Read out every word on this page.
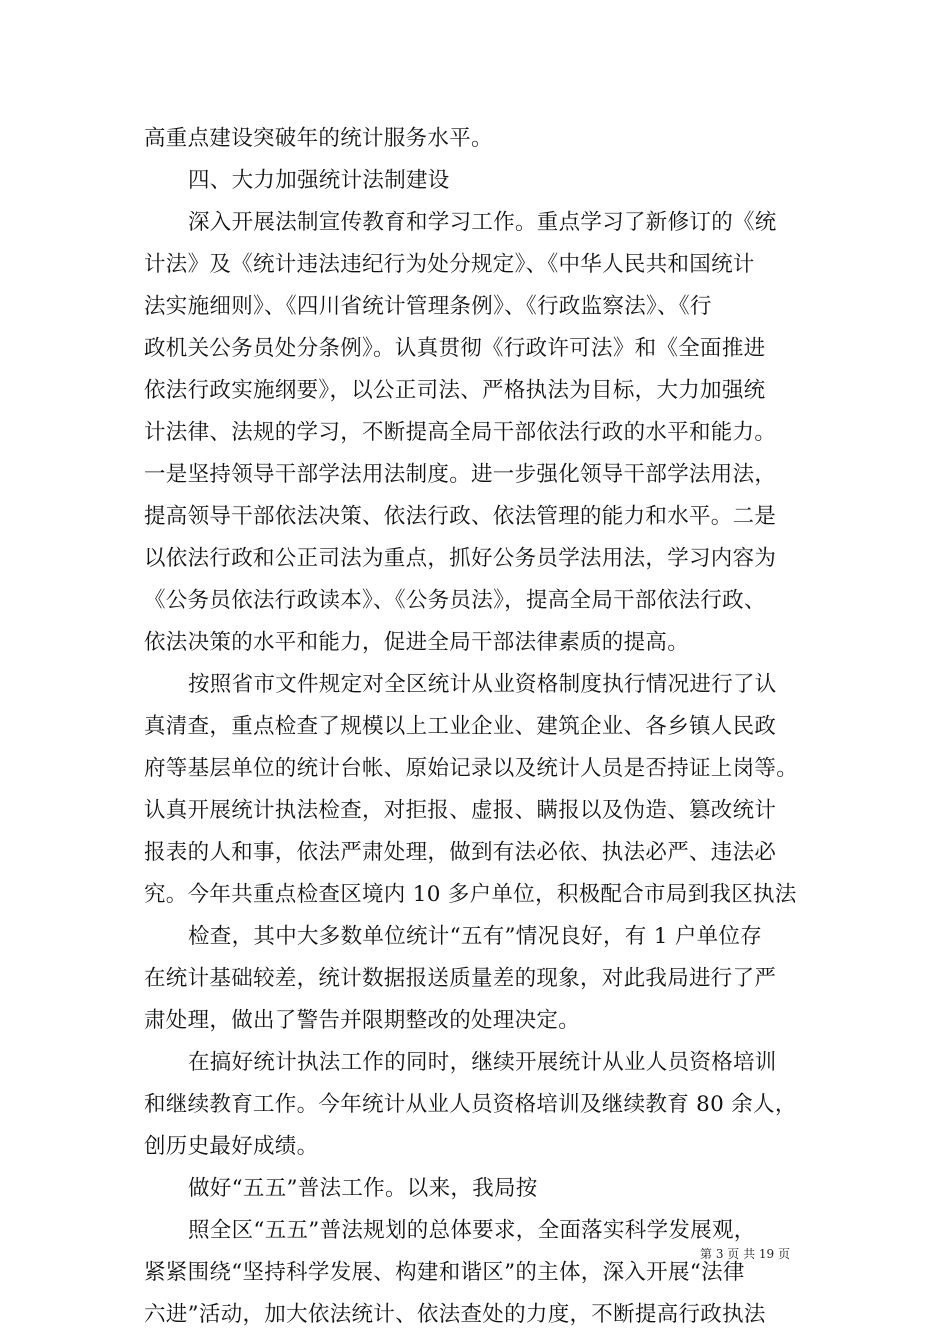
高重点建设突破年的统计服务水平。
四、大力加强统计法制建设
深入开展法制宣传教育和学习工作。重点学习了新修订的《统
计法》及《统计违法违纪行为处分规定》、《中华人民共和国统计
法实施细则》、《四川省统计管理条例》、《行政监察法》、《行
政机关公务员处分条例》。认真贯彻《行政许可法》和《全面推进
依法行政实施纲要》，以公正司法、严格执法为目标，大力加强统
计法律、法规的学习，不断提高全局干部依法行政的水平和能力。
一是坚持领导干部学法用法制度。进一步强化领导干部学法用法，
提高领导干部依法决策、依法行政、依法管理的能力和水平。二是
以依法行政和公正司法为重点，抓好公务员学法用法，学习内容为
《公务员依法行政读本》、《公务员法》，提高全局干部依法行政、
依法决策的水平和能力，促进全局干部法律素质的提高。
按照省市文件规定对全区统计从业资格制度执行情况进行了认
真清查，重点检查了规模以上工业企业、建筑企业、各乡镇人民政
府等基层单位的统计台帐、原始记录以及统计人员是否持证上岗等。
认真开展统计执法检查，对拒报、虚报、瞒报以及伪造、篡改统计
报表的人和事，依法严肃处理，做到有法必依、执法必严、违法必
究。今年共重点检查区境内 10 多户单位，积极配合市局到我区执法
检查，其中大多数单位统计“五有”情况良好，有 1 户单位存
在统计基础较差，统计数据报送质量差的现象，对此我局进行了严
肃处理，做出了警告并限期整改的处理决定。
在搞好统计执法工作的同时，继续开展统计从业人员资格培训
和继续教育工作。今年统计从业人员资格培训及继续教育 80 余人，
创历史最好成绩。
做好“五五”普法工作。以来，我局按
照全区“五五”普法规划的总体要求，全面落实科学发展观，
紧紧围绕“坚持科学发展、构建和谐区”的主体，深入开展“法律
六进”活动，加大依法统计、依法查处的力度，不断提高行政执法
第 3 页 共 19 页
